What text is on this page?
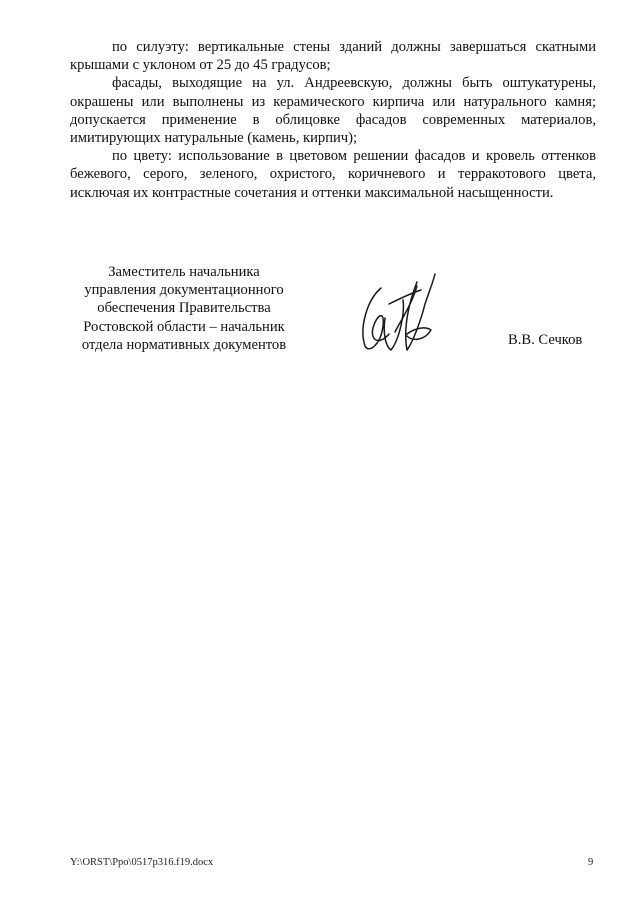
по силуэту: вертикальные стены зданий должны завершаться скатными крышами с уклоном от 25 до 45 градусов;

фасады, выходящие на ул. Андреевскую, должны быть оштукатурены, окрашены или выполнены из керамического кирпича или натурального камня; допускается применение в облицовке фасадов современных материалов, имитирующих натуральные (камень, кирпич);

по цвету: использование в цветовом решении фасадов и кровель оттенков бежевого, серого, зеленого, охристого, коричневого и терракотового цвета, исключая их контрастные сочетания и оттенки максимальной насыщенности.

Заместитель начальника
управления документационного
обеспечения Правительства
Ростовской области – начальник
отдела нормативных документов	В.В. Сечков
Y:\ORST\Ppo\0517p316.f19.docx	9
